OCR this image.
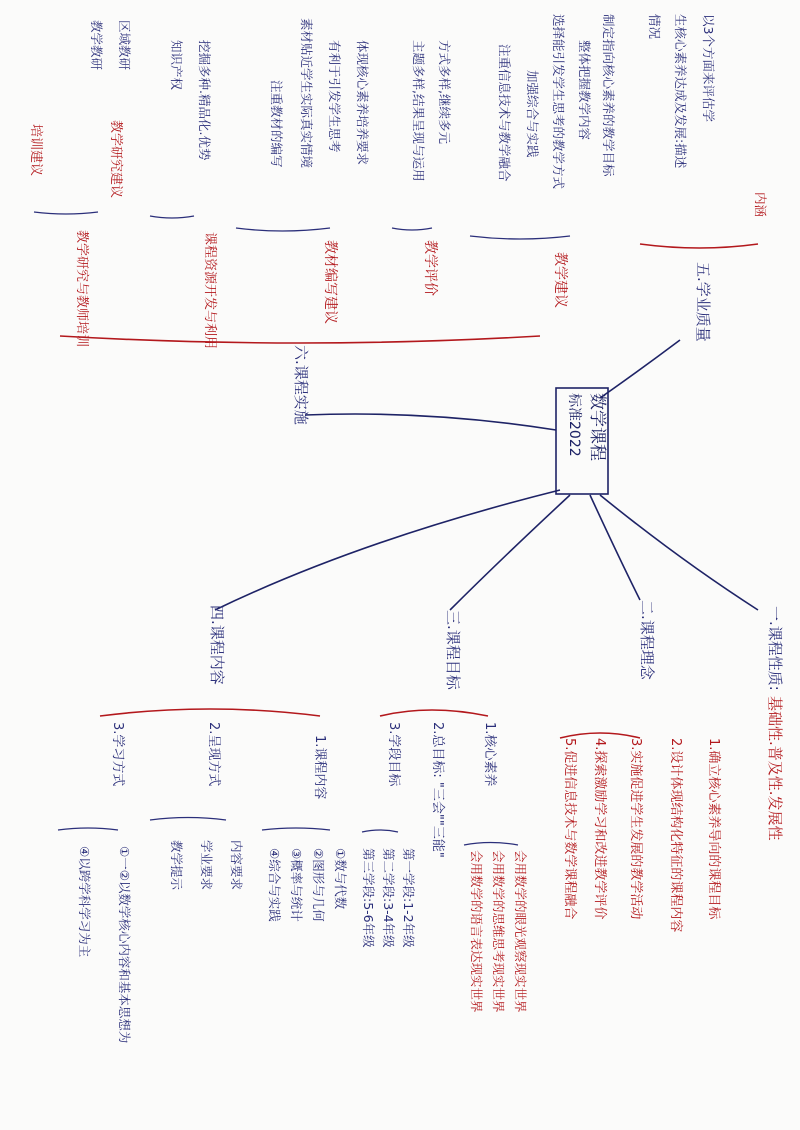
数学课程
标准2022
一.课程性质:
基础性.普及性.发展性
二.课程理念
1.确立核心素养导向的课程目标
2.设计体现结构化特征的课程内容
3.实施促进学生发展的教学活动
4.探索激励学习和改进教学评价
5.促进信息技术与数学课程融合
三.课程目标
1.核心素养
会用数学的眼光观察现实世界
会用数学的思维思考现实世界
会用数学的语言表达现实世界
2.总目标: "三会""三能"
3.学段目标
第一学段:1-2年级
第二学段:3-4年级
第三学段:5-6年级
四.课程内容
1.课程内容
①数与代数
②图形与几何
③概率与统计
④综合与实践
2.呈现方式
内容要求
学业要求
教学提示
3.学习方式
①一②以数学核心内容和基本思想为
④以跨学科学习为主
五.学业质量
内涵
以3个方面来评估学
生核心素养达成及发展:描述
情况
六.课程实施
教学建议
制定指向核心素养的教学目标
整体把握教学内容
选择能引发学生思考的教学方式
加强综合与实践
注重信息技术与教学融合
教学评价
方式多样,继续多元
主题多样,结果呈现与运用
教材编写建议
体现核心素养培养要求
有利于引发学生思考
素材贴近学生实际真实情境
注重教材的编写
课程资源开发与利用
挖掘多种.精品化.优势
知识产权
教学研究与教师培训
教学研究建议
培训建议
区域教研
教学教研
